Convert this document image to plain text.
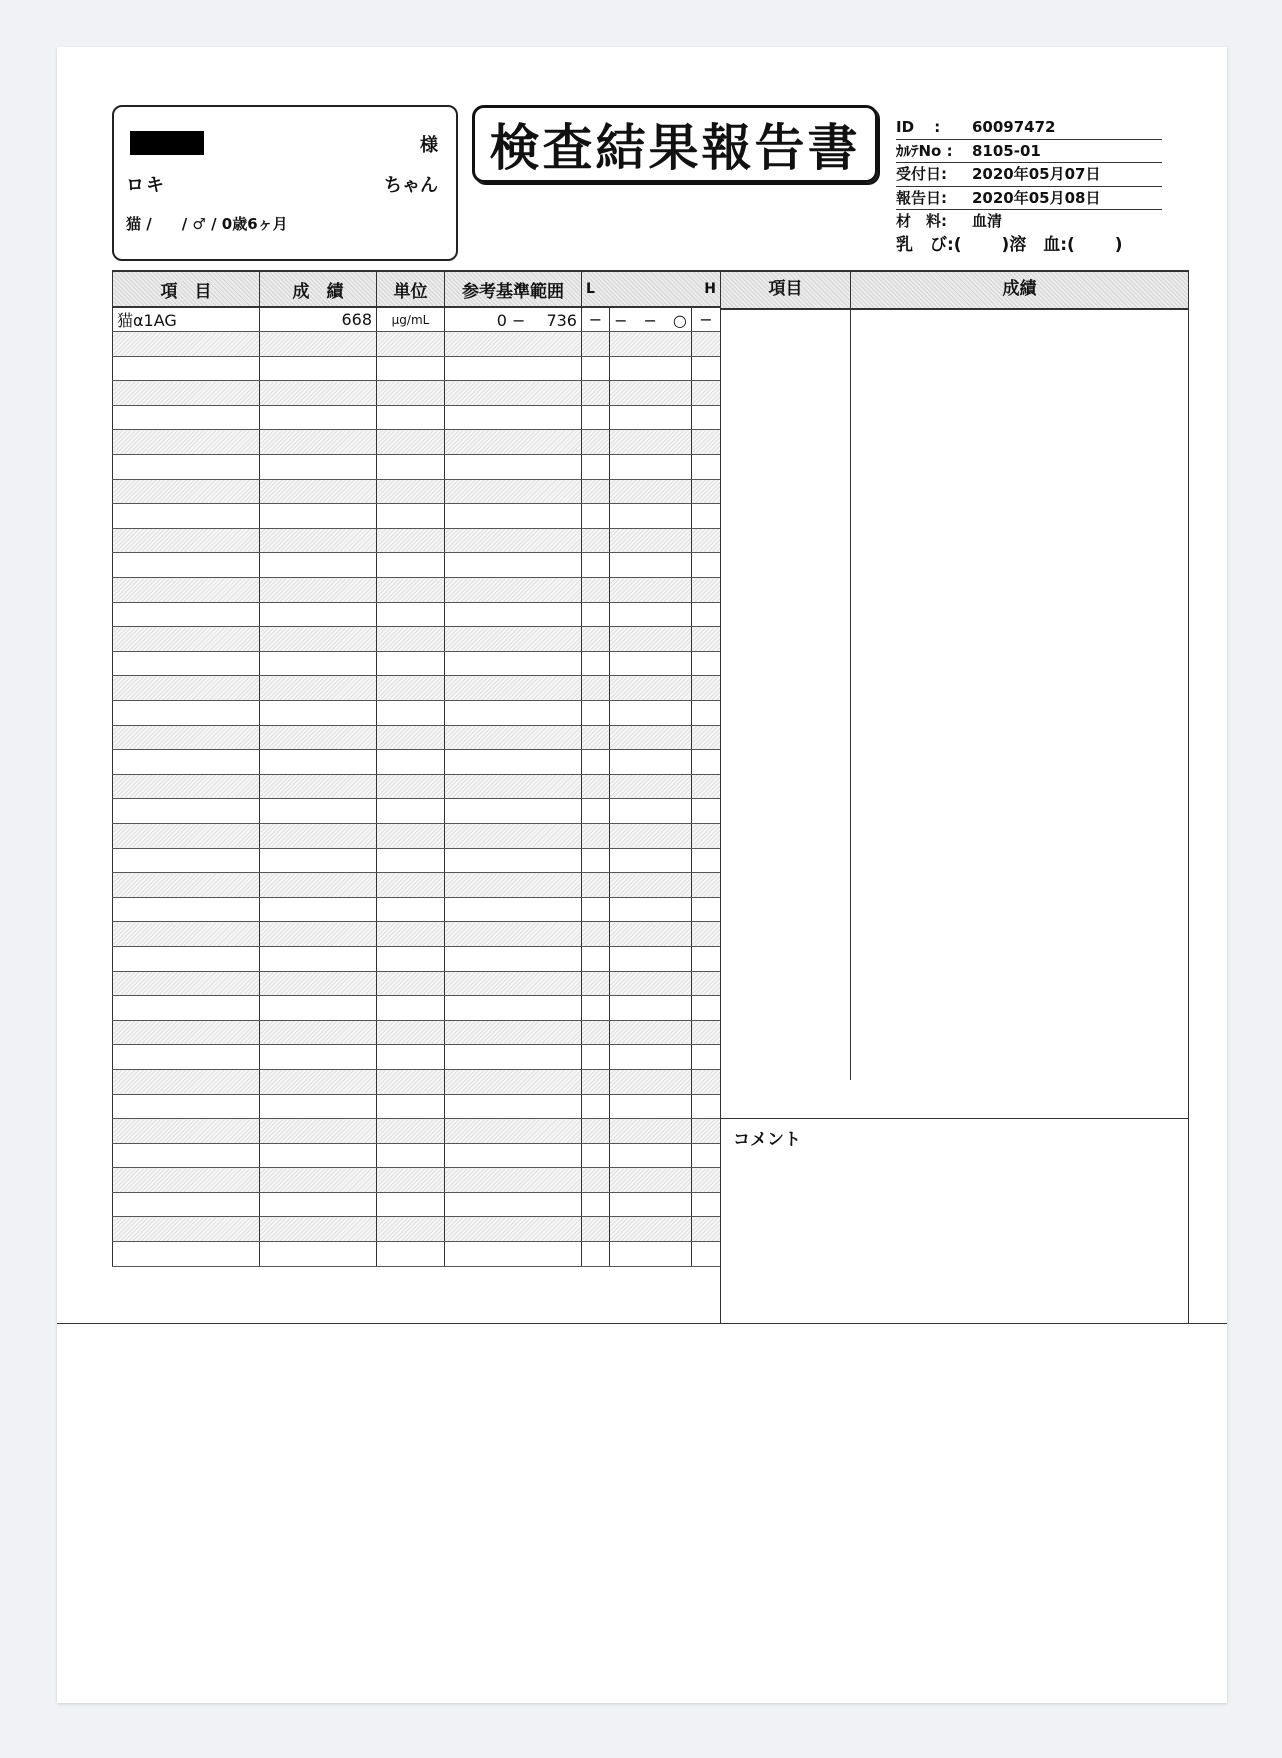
様
ロキ	ちゃん
猫 /　　/ ♂ / 0歳6ヶ月
検査結果報告書 ID　 :	60097472
ｶﾙﾃNo :	8105-01
受付日:	2020年05月07日
報告日:	2020年05月08日
材　料:	血清
乳　び:(　　 )溶　血:(　　 )
項　目	成　績	単位	参考基準範囲	L H		

猫α1AG	668	μg/mL	0 −　 736	−	−　−　○	−

項目	成績
コメント
